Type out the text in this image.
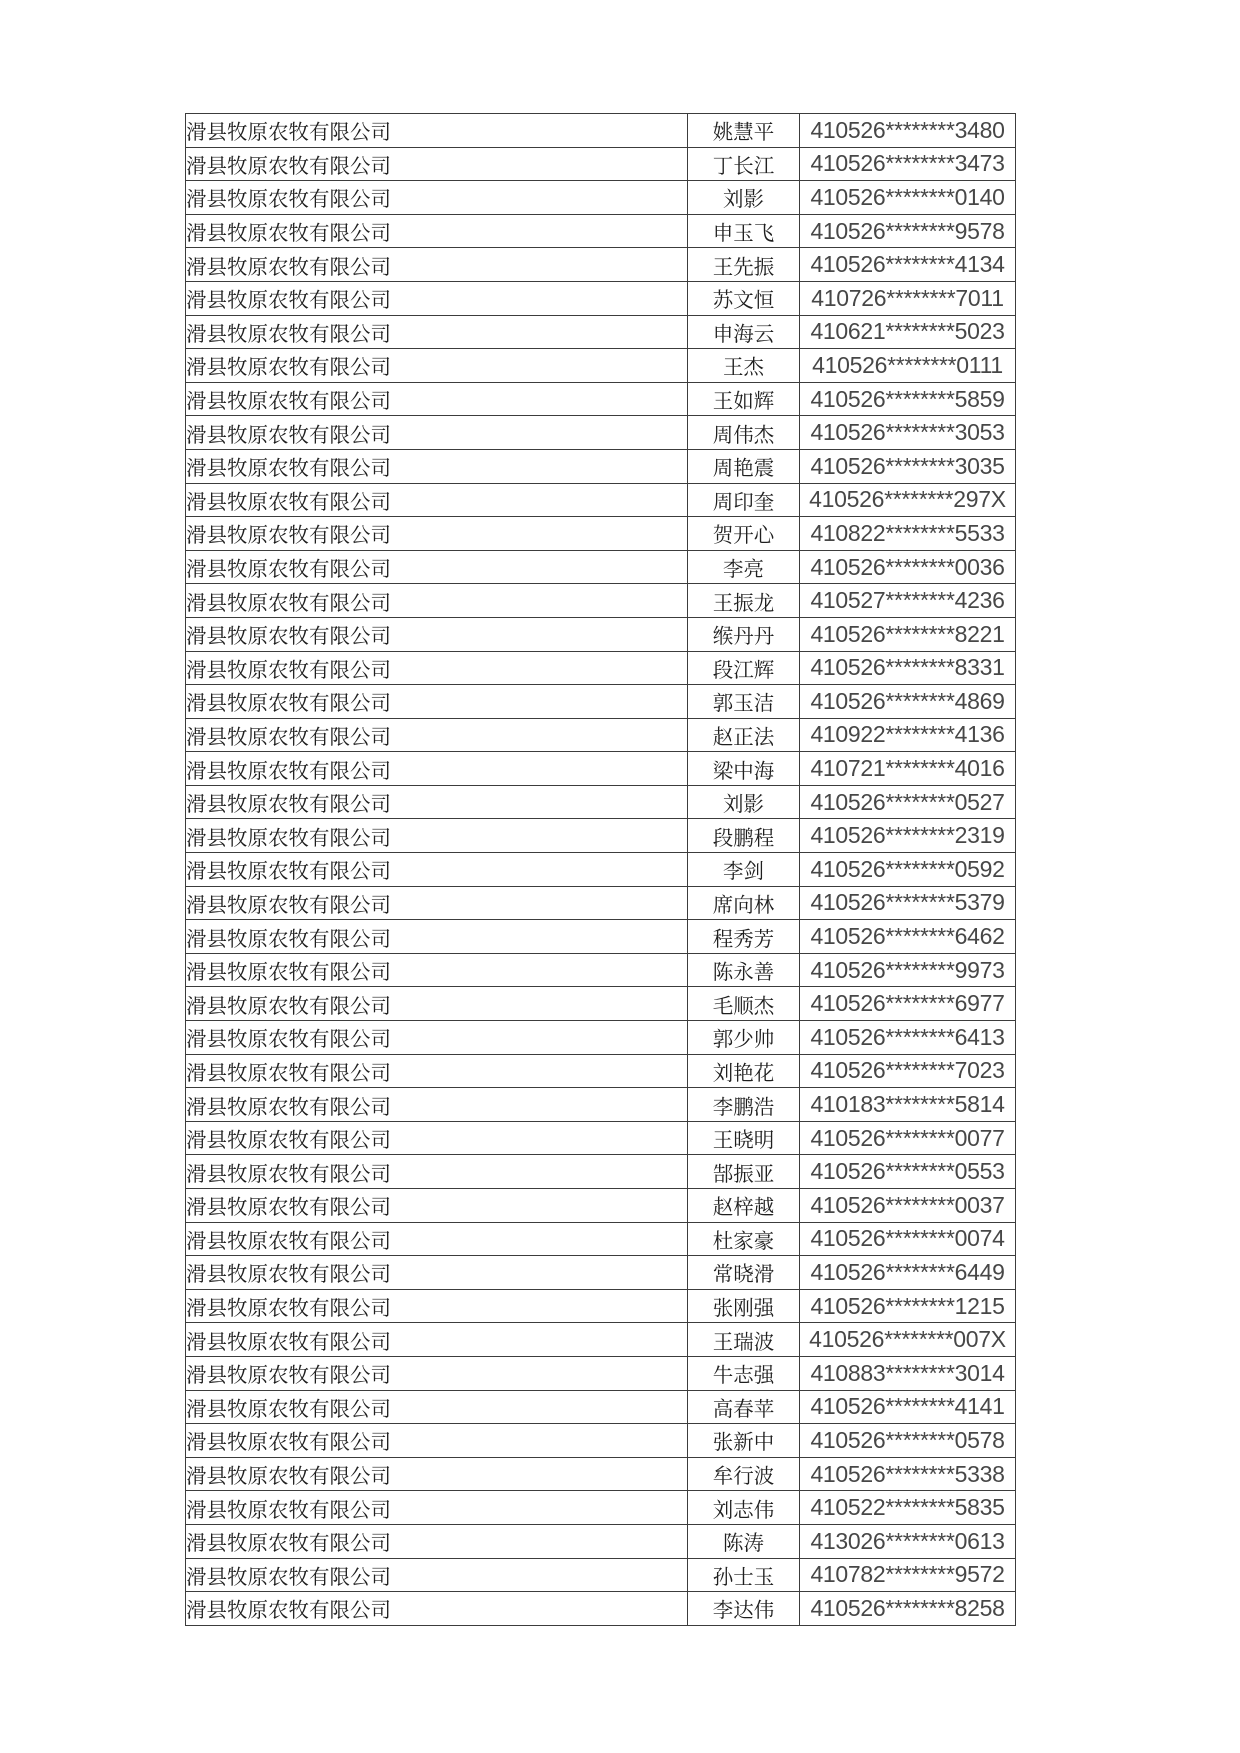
滑县牧原农牧有限公司	姚慧平	410526********3480
滑县牧原农牧有限公司	丁长江	410526********3473
滑县牧原农牧有限公司	刘影	410526********0140
滑县牧原农牧有限公司	申玉飞	410526********9578
滑县牧原农牧有限公司	王先振	410526********4134
滑县牧原农牧有限公司	苏文恒	410726********7011
滑县牧原农牧有限公司	申海云	410621********5023
滑县牧原农牧有限公司	王杰	410526********0111
滑县牧原农牧有限公司	王如辉	410526********5859
滑县牧原农牧有限公司	周伟杰	410526********3053
滑县牧原农牧有限公司	周艳震	410526********3035
滑县牧原农牧有限公司	周印奎	410526********297X
滑县牧原农牧有限公司	贺开心	410822********5533
滑县牧原农牧有限公司	李亮	410526********0036
滑县牧原农牧有限公司	王振龙	410527********4236
滑县牧原农牧有限公司	缑丹丹	410526********8221
滑县牧原农牧有限公司	段江辉	410526********8331
滑县牧原农牧有限公司	郭玉洁	410526********4869
滑县牧原农牧有限公司	赵正法	410922********4136
滑县牧原农牧有限公司	梁中海	410721********4016
滑县牧原农牧有限公司	刘影	410526********0527
滑县牧原农牧有限公司	段鹏程	410526********2319
滑县牧原农牧有限公司	李剑	410526********0592
滑县牧原农牧有限公司	席向林	410526********5379
滑县牧原农牧有限公司	程秀芳	410526********6462
滑县牧原农牧有限公司	陈永善	410526********9973
滑县牧原农牧有限公司	毛顺杰	410526********6977
滑县牧原农牧有限公司	郭少帅	410526********6413
滑县牧原农牧有限公司	刘艳花	410526********7023
滑县牧原农牧有限公司	李鹏浩	410183********5814
滑县牧原农牧有限公司	王晓明	410526********0077
滑县牧原农牧有限公司	郜振亚	410526********0553
滑县牧原农牧有限公司	赵梓越	410526********0037
滑县牧原农牧有限公司	杜家豪	410526********0074
滑县牧原农牧有限公司	常晓滑	410526********6449
滑县牧原农牧有限公司	张刚强	410526********1215
滑县牧原农牧有限公司	王瑞波	410526********007X
滑县牧原农牧有限公司	牛志强	410883********3014
滑县牧原农牧有限公司	高春苹	410526********4141
滑县牧原农牧有限公司	张新中	410526********0578
滑县牧原农牧有限公司	牟行波	410526********5338
滑县牧原农牧有限公司	刘志伟	410522********5835
滑县牧原农牧有限公司	陈涛	413026********0613
滑县牧原农牧有限公司	孙士玉	410782********9572
滑县牧原农牧有限公司	李达伟	410526********8258
